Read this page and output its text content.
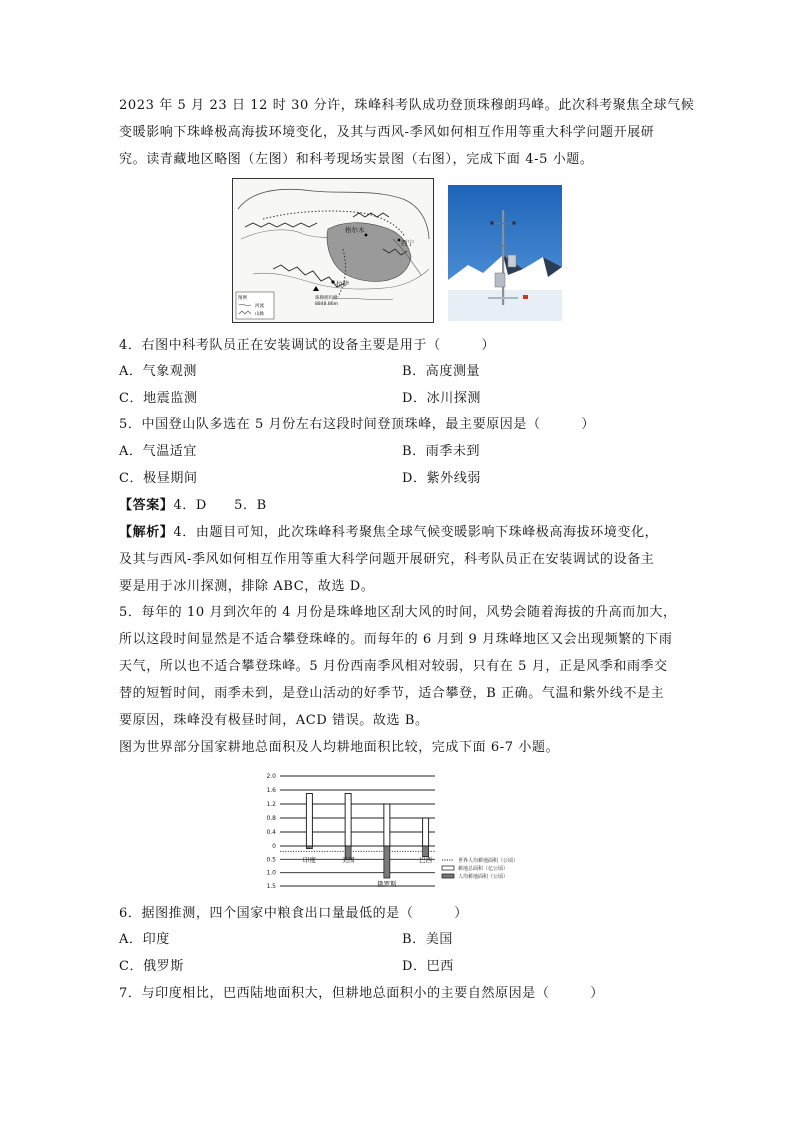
2023 年 5 月 23 日 12 时 30 分许，珠峰科考队成功登顶珠穆朗玛峰。此次科考聚焦全球气候
变暖影响下珠峰极高海拔环境变化，及其与西风-季风如何相互作用等重大科学问题开展研
格尔木
西宁
拉萨
珠穆朗玛峰
8848.86m
图例
河流
山脉
4．右图中科考队员正在安装调试的设备主要是用于（　　　）
A．气象观测	B．高度测量
C．地震监测	D．冰川探测
5．中国登山队多选在 5 月份左右这段时间登顶珠峰，最主要原因是（　　　）
A．气温适宜	B．雨季未到
C．极昼期间	D．紫外线弱
【答案】4．D　　5．B
【解析】4．由题目可知，此次珠峰科考聚焦全球气候变暖影响下珠峰极高海拔环境变化，
及其与西风-季风如何相互作用等重大科学问题开展研究，科考队员正在安装调试的设备主
要是用于冰川探测，排除 ABC，故选 D。
5．每年的 10 月到次年的 4 月份是珠峰地区刮大风的时间，风势会随着海拔的升高而加大，
所以这段时间显然是不适合攀登珠峰的。而每年的 6 月到 9 月珠峰地区又会出现频繁的下雨
天气，所以也不适合攀登珠峰。5 月份西南季风相对较弱，只有在 5 月，正是风季和雨季交
替的短暂时间，雨季未到，是登山活动的好季节，适合攀登，B 正确。气温和紫外线不是主
要原因，珠峰没有极昼时间，ACD 错误。故选 B。
图为世界部分国家耕地总面积及人均耕地面积比较，完成下面 6-7 小题。
2.0
1.6
1.2
0.8
0.4
0
0.5
1.0
1.5
印度	美国
俄罗斯
巴西	世界人均耕地面积（公顷）
耕地总面积（亿公顷）
人均耕地面积（公顷）
6．据图推测，四个国家中粮食出口量最低的是（　　　）
A．印度	B．美国
C．俄罗斯	D．巴西
7．与印度相比，巴西陆地面积大，但耕地总面积小的主要自然原因是（　　　）
究。读青藏地区略图（左图）和科考现场实景图（右图），完成下面 4-5 小题。
